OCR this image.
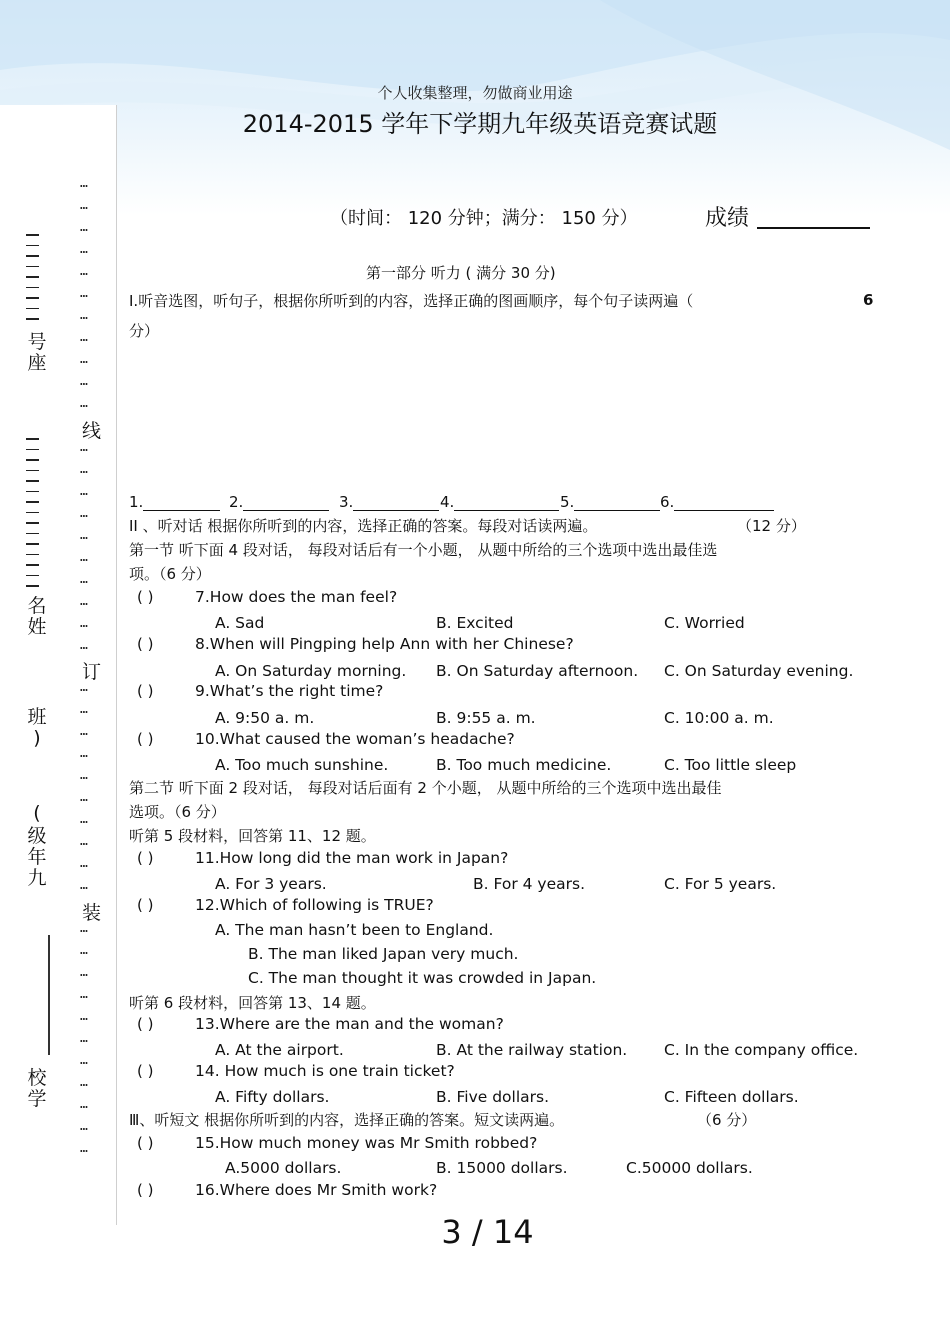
个人收集整理，勿做商业用途
2014-2015 学年下学期九年级英语竞赛试题
（时间： 120 分钟；满分： 150 分）	成绩
…
…
…
…
…
…
…
…
…
…
…
线
…
…
…
…
…
…
…
…
…
…
订
…
…
…
…
…
…
…
…
…
…
装
…
…
…
…
…
…
…
…
…
…
…
号座
名姓
班
)
(
级年九
校学
第一部分 听力 ( 满分 30 分)
Ⅰ.听音选图，听句子，根据你所听到的内容，选择正确的图画顺序，每个句子读两遍（	6
分）
1.	2.	3.	4.	5.	6.
II 、听对话 根据你所听到的内容，选择正确的答案。每段对话读两遍。	（12 分）
第一节 听下面 4 段对话， 每段对话后有一个小题， 从题中所给的三个选项中选出最佳选
项。（6 分）
( )	7.How does the man feel?
A. Sad	B. Excited	C. Worried
( )	8.When will Pingping help Ann with her Chinese?
A. On Saturday morning. B. On Saturday afternoon. C. On Saturday evening.
( )	9.What’s the right time?
A. 9:50 a. m.	B. 9:55 a. m.	C. 10:00 a. m.
( )	10.What caused the woman’s headache?
A. Too much sunshine.	B. Too much medicine.	C. Too little sleep
第二节 听下面 2 段对话， 每段对话后面有 2 个小题， 从题中所给的三个选项中选出最佳
选项。（6 分）
听第 5 段材料，回答第 11、12 题。
( )	11.How long did the man work in Japan?
A. For 3 years.	B. For 4 years.	C. For 5 years.
( )	12.Which of following is TRUE?
A. The man hasn’t been to England.
B. The man liked Japan very much.
C. The man thought it was crowded in Japan.
听第 6 段材料，回答第 13、14 题。
( )	13.Where are the man and the woman?
A. At the airport.	B. At the railway station. C. In the company office.
( )	14. How much is one train ticket?
A. Fifty dollars.	B. Five dollars.	C. Fifteen dollars.
Ⅲ、听短文 根据你所听到的内容，选择正确的答案。短文读两遍。	（6 分）
( )	15.How much money was Mr Smith robbed?
A.5000 dollars.	B. 15000 dollars.	C.50000 dollars.
( )	16.Where does Mr Smith work?
3 / 14
